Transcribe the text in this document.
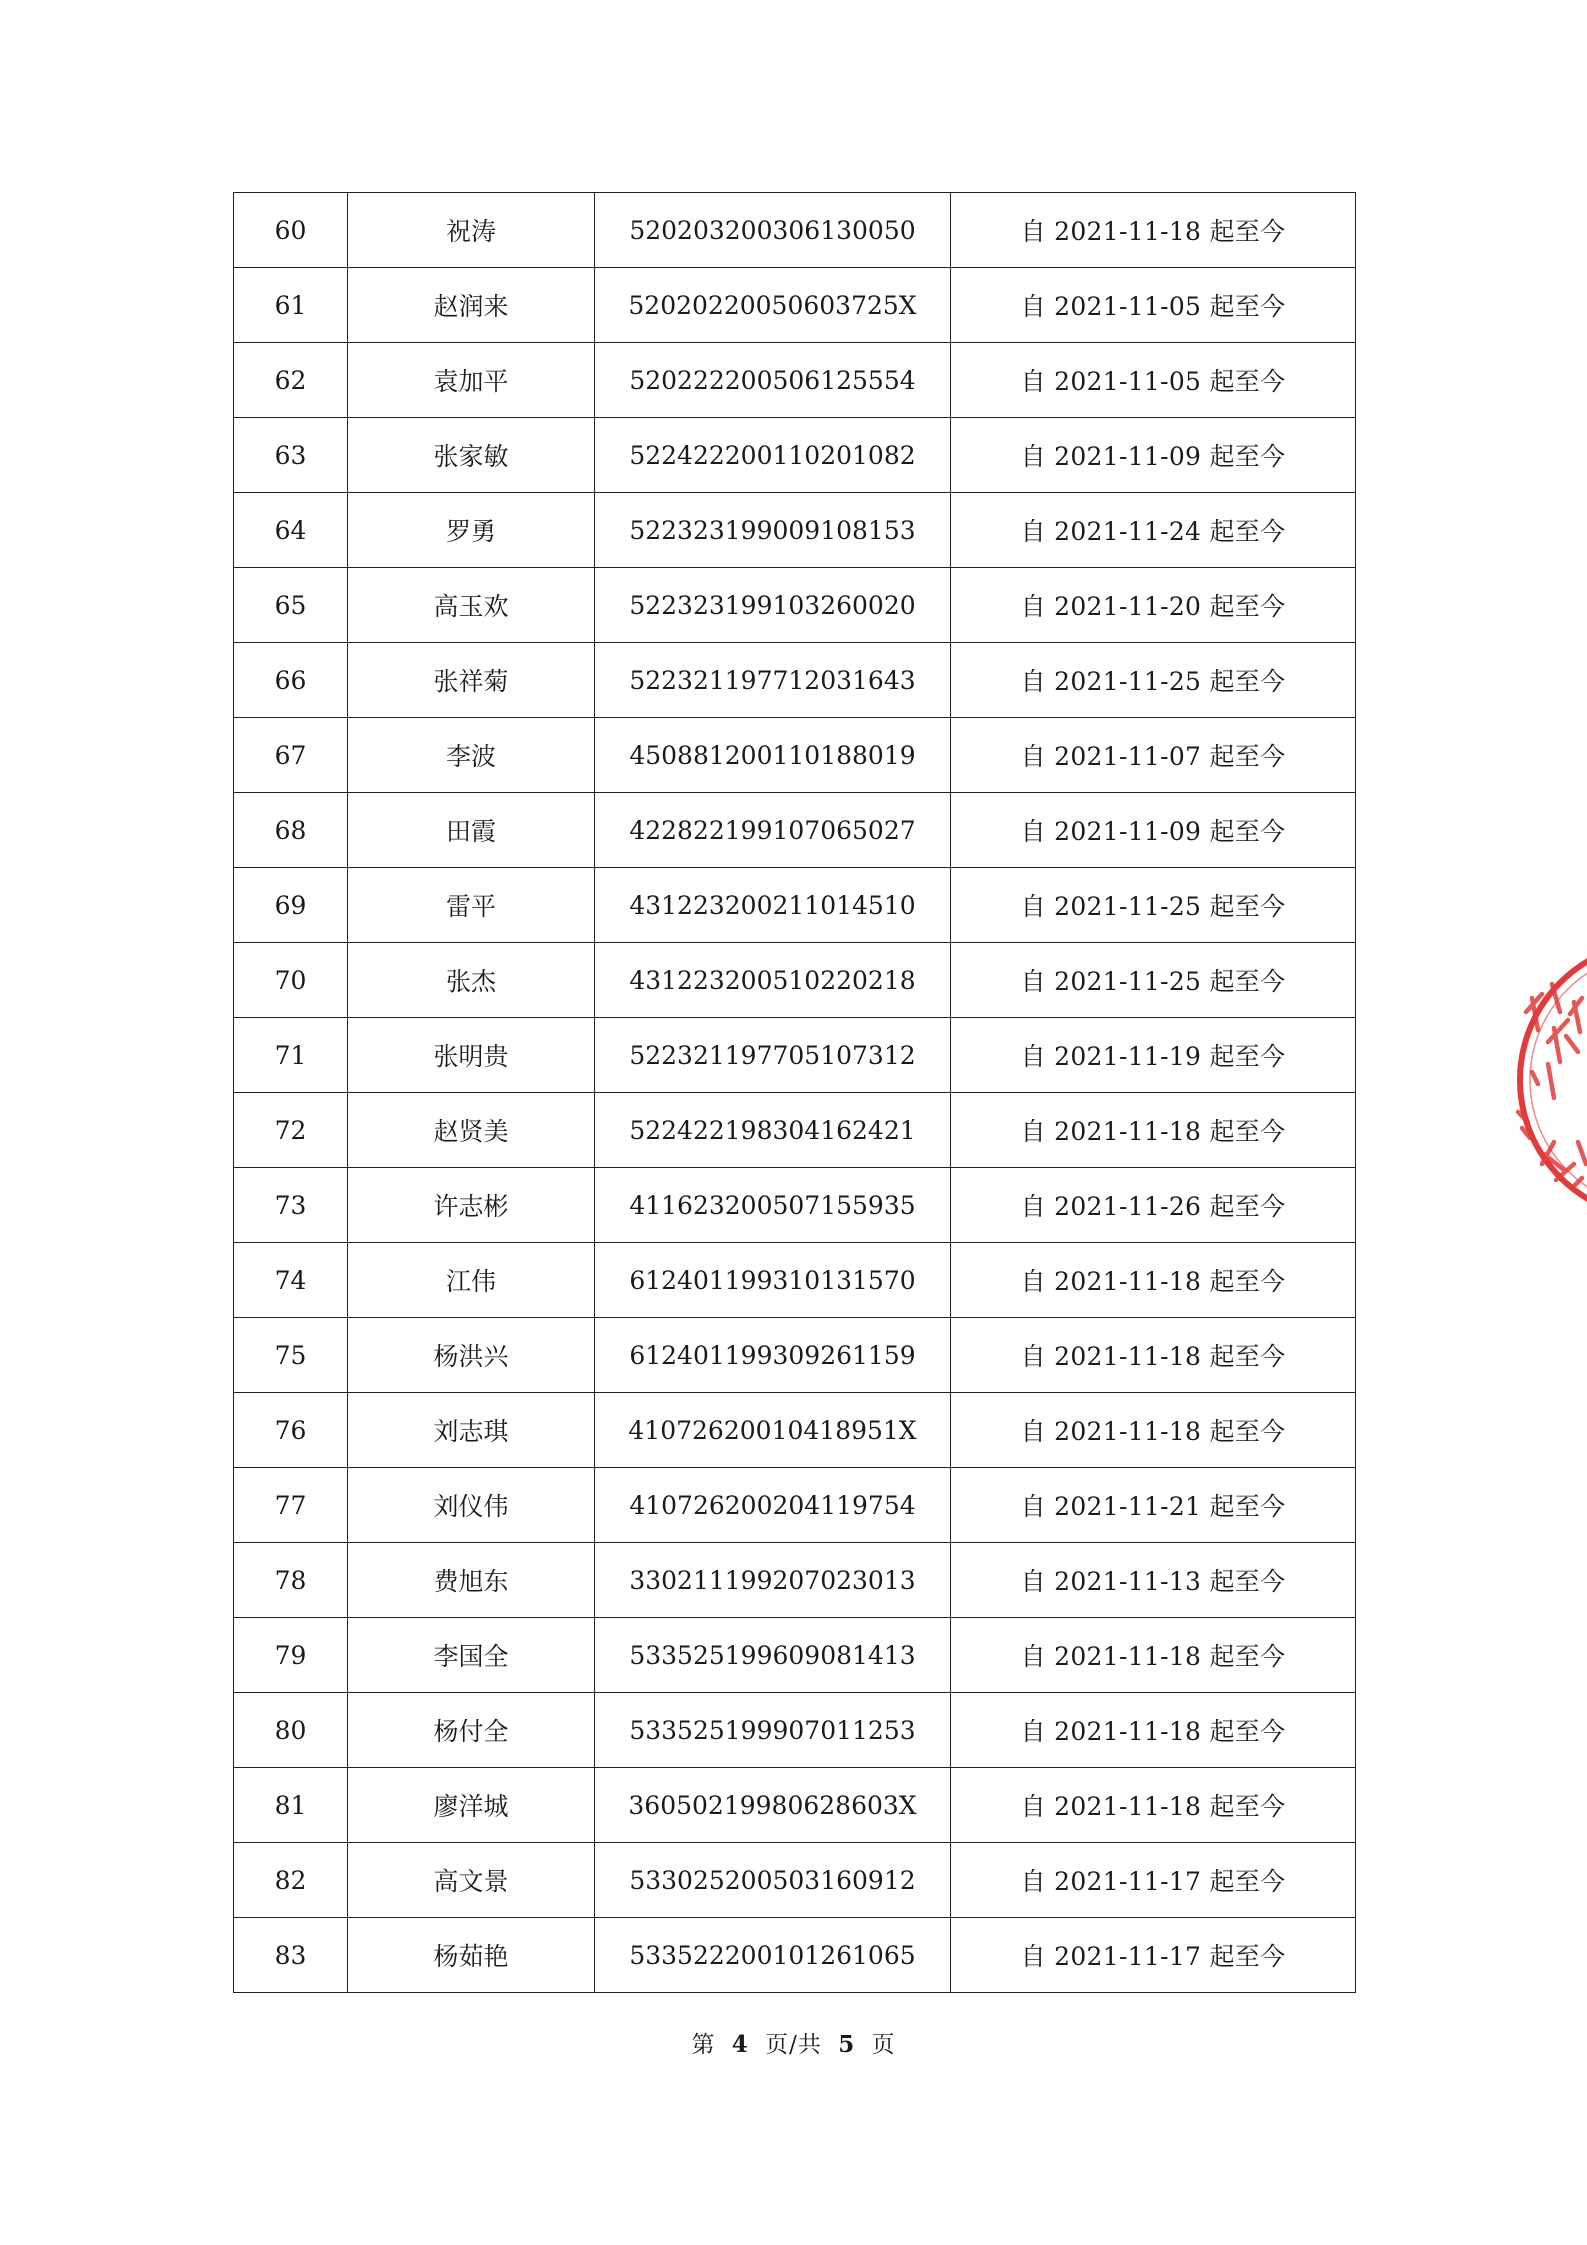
60	祝涛	520203200306130050	自 2021-11-18 起至今
61	赵润来	52020220050603725X	自 2021-11-05 起至今
62	袁加平	520222200506125554	自 2021-11-05 起至今
63	张家敏	522422200110201082	自 2021-11-09 起至今
64	罗勇	522323199009108153	自 2021-11-24 起至今
65	高玉欢	522323199103260020	自 2021-11-20 起至今
66	张祥菊	522321197712031643	自 2021-11-25 起至今
67	李波	450881200110188019	自 2021-11-07 起至今
68	田霞	422822199107065027	自 2021-11-09 起至今
69	雷平	431223200211014510	自 2021-11-25 起至今
70	张杰	431223200510220218	自 2021-11-25 起至今
71	张明贵	522321197705107312	自 2021-11-19 起至今
72	赵贤美	522422198304162421	自 2021-11-18 起至今
73	许志彬	411623200507155935	自 2021-11-26 起至今
74	江伟	612401199310131570	自 2021-11-18 起至今
75	杨洪兴	612401199309261159	自 2021-11-18 起至今
76	刘志琪	41072620010418951X	自 2021-11-18 起至今
77	刘仪伟	410726200204119754	自 2021-11-21 起至今
78	费旭东	330211199207023013	自 2021-11-13 起至今
79	李国全	533525199609081413	自 2021-11-18 起至今
80	杨付全	533525199907011253	自 2021-11-18 起至今
81	廖洋城	36050219980628603X	自 2021-11-18 起至今
82	高文景	533025200503160912	自 2021-11-17 起至今
83	杨茹艳	533522200101261065	自 2021-11-17 起至今
第 4 页/共 5 页
